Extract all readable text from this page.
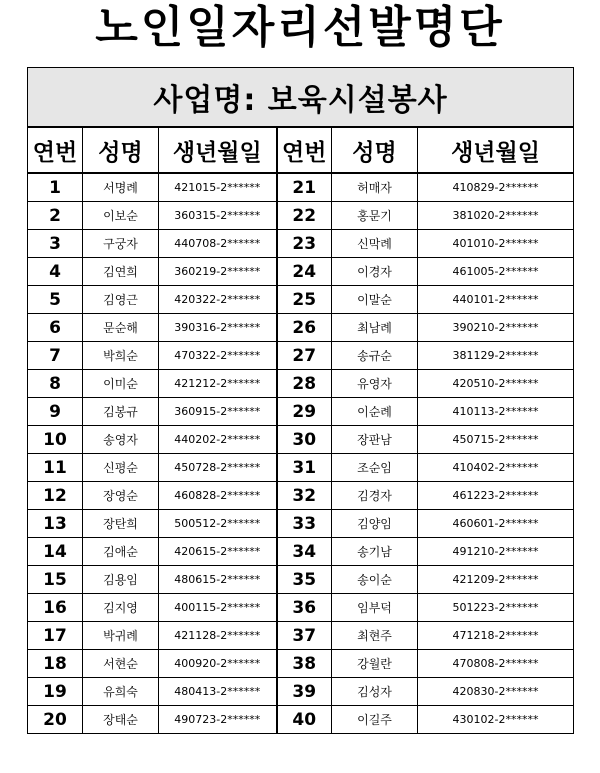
노인일자리선발명단
사업명: 보육시설봉사					
연번	성명	생년월일	연번	성명	생년월일
1	서명례	421015-2******	21	허매자	410829-2******
2	이보순	360315-2******	22	홍문기	381020-2******
3	구궁자	440708-2******	23	신막례	401010-2******
4	김연희	360219-2******	24	이경자	461005-2******
5	김영근	420322-2******	25	이말순	440101-2******
6	문순해	390316-2******	26	최남례	390210-2******
7	박희순	470322-2******	27	송규순	381129-2******
8	이미순	421212-2******	28	유영자	420510-2******
9	김봉규	360915-2******	29	이순례	410113-2******
10	송영자	440202-2******	30	장판남	450715-2******
11	신평순	450728-2******	31	조순임	410402-2******
12	장영순	460828-2******	32	김경자	461223-2******
13	장탄희	500512-2******	33	김양임	460601-2******
14	김애순	420615-2******	34	송기남	491210-2******
15	김용임	480615-2******	35	송이순	421209-2******
16	김지영	400115-2******	36	임부덕	501223-2******
17	박귀례	421128-2******	37	최현주	471218-2******
18	서현순	400920-2******	38	강월란	470808-2******
19	유희숙	480413-2******	39	김성자	420830-2******
20	장태순	490723-2******	40	이길주	430102-2******
